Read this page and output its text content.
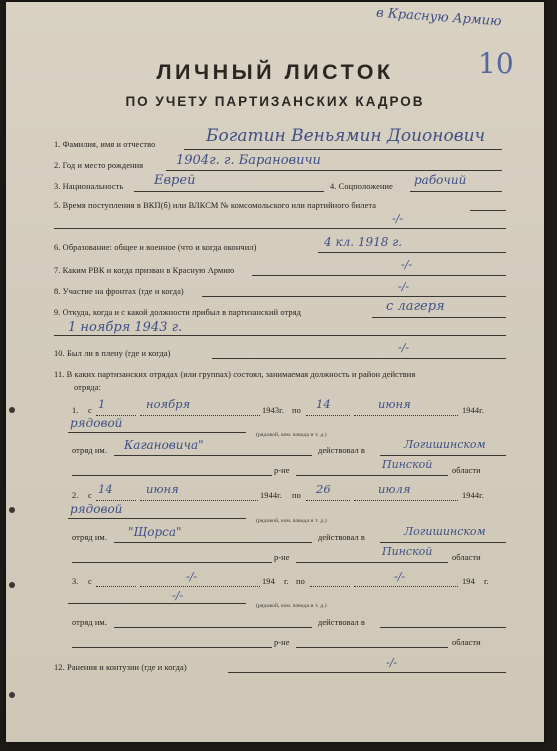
в Красную Армию
10
ЛИЧНЫЙ ЛИСТОК
ПО УЧЕТУ ПАРТИЗАНСКИХ КАДРОВ
1. Фамилия, имя и отчество	Богатин Веньямин Доионович
2. Год и место рождения	1904г. г. Барановичи
3. Национальность Еврей	4. Соцположение рабочий
5. Время поступления в ВКП(б) или ВЛКСМ № комсомольского или партийного билета
-/-
6. Образование: общее и военное (что и когда окончил)	4 кл. 1918 г.
7. Каким РВК и когда призван в Красную Армию	-/-
8. Участие на фронтах (где и когда)	-/-
9. Откуда, когда и с какой должности прибыл в партизанский отряд	с лагеря
1 ноября 1943 г.
10. Был ли в плену (где и когда)	-/-
11. В каких партизанских отрядах (или группах) состоял, занимаемая должность и район действия
отряда:
1. с 1	ноября	1943г. по 14	июня	1944г.
рядовой
(рядовой, ком. взвода и т. д.)
отряд им. Кагановича"	действовал в	Логишинском
р-не	Пинской области
2. с 14	июня	1944г. по 26	июля	1944г.
рядовой
(рядовой, ком. взвода и т. д.)
отряд им. "Щорса"	действовал в	Логишинском
р-не	Пинской области
3. с	-/-	194 г. по	-/-	194 г.
-/-
(рядовой, ком. взвода и т. д.)
отряд им.	действовал в
р-не	области
12. Ранения и контузии (где и когда)	-/-
